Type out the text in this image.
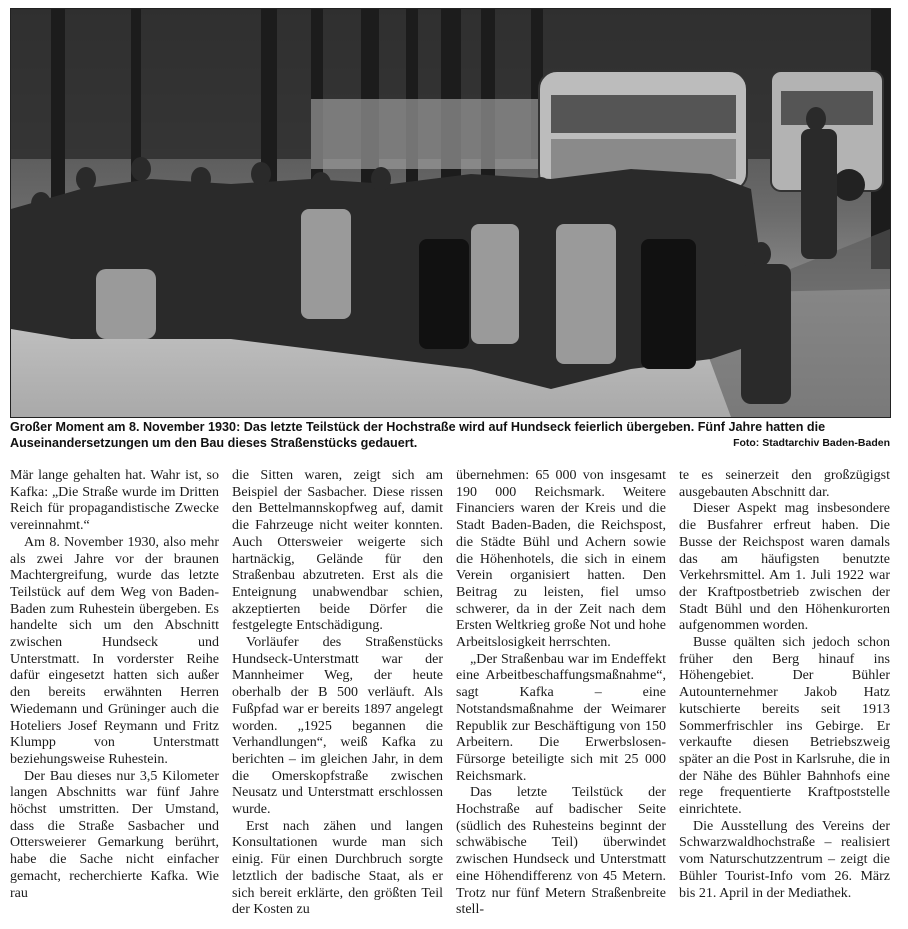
Großer Moment am 8. November 1930: Das letzte Teilstück der Hochstraße wird auf Hundseck feierlich übergeben. Fünf Jahre hatten die Auseinandersetzungen um den Bau dieses Straßenstücks gedauert.	Foto: Stadtarchiv Baden-Baden

Mär lange gehalten hat. Wahr ist, so Kafka: „Die Straße wurde im Dritten Reich für propagandistische Zwecke vereinnahmt.“

Am 8. November 1930, also mehr als zwei Jahre vor der braunen Machtergreifung, wurde das letzte Teilstück auf dem Weg von Baden-Baden zum Ruhestein übergeben. Es handelte sich um den Abschnitt zwischen Hundseck und Unterstmatt. In vorderster Reihe dafür eingesetzt hatten sich außer den bereits erwähnten Herren Wiedemann und Grüninger auch die Hoteliers Josef Reymann und Fritz Klumpp von Unterstmatt beziehungsweise Ruhestein.

Der Bau dieses nur 3,5 Kilometer langen Abschnitts war fünf Jahre höchst umstritten. Der Umstand, dass die Straße Sasbacher und Ottersweierer Gemarkung berührt, habe die Sache nicht einfacher gemacht, recherchierte Kafka. Wie rau

die Sitten waren, zeigt sich am Beispiel der Sasbacher. Diese rissen den Bettelmannskopfweg auf, damit die Fahrzeuge nicht weiter konnten. Auch Ottersweier weigerte sich hartnäckig, Gelände für den Straßenbau abzutreten. Erst als die Enteignung unabwendbar schien, akzeptierten beide Dörfer die festgelegte Entschädigung.

Vorläufer des Straßenstücks Hundseck-Unterstmatt war der Mannheimer Weg, der heute oberhalb der B 500 verläuft. Als Fußpfad war er bereits 1897 angelegt worden. „1925 begannen die Verhandlungen“, weiß Kafka zu berichten – im gleichen Jahr, in dem die Omerskopfstraße zwischen Neusatz und Unterstmatt erschlossen wurde.

Erst nach zähen und langen Konsultationen wurde man sich einig. Für einen Durchbruch sorgte letztlich der badische Staat, als er sich bereit erklärte, den größten Teil der Kosten zu

übernehmen: 65 000 von insgesamt 190 000 Reichsmark. Weitere Financiers waren der Kreis und die Stadt Baden-Baden, die Reichspost, die Städte Bühl und Achern sowie die Höhenhotels, die sich in einem Verein organisiert hatten. Den Beitrag zu leisten, fiel umso schwerer, da in der Zeit nach dem Ersten Weltkrieg große Not und hohe Arbeitslosigkeit herrschten.

„Der Straßenbau war im Endeffekt eine Arbeitbeschaffungsmaßnahme“, sagt Kafka – eine Notstandsmaßnahme der Weimarer Republik zur Beschäftigung von 150 Arbeitern. Die Erwerbslosen-Fürsorge beteiligte sich mit 25 000 Reichsmark.

Das letzte Teilstück der Hochstraße auf badischer Seite (südlich des Ruhesteins beginnt der schwäbische Teil) überwindet zwischen Hundseck und Unterstmatt eine Höhendifferenz von 45 Metern. Trotz nur fünf Metern Straßenbreite stell-

te es seinerzeit den großzügigst ausgebauten Abschnitt dar.

Dieser Aspekt mag insbesondere die Busfahrer erfreut haben. Die Busse der Reichspost waren damals das am häufigsten benutzte Verkehrsmittel. Am 1. Juli 1922 war der Kraftpostbetrieb zwischen der Stadt Bühl und den Höhenkurorten aufgenommen worden.

Busse quälten sich jedoch schon früher den Berg hinauf ins Höhengebiet. Der Bühler Autounternehmer Jakob Hatz kutschierte bereits seit 1913 Sommerfrischler ins Gebirge. Er verkaufte diesen Betriebszweig später an die Post in Karlsruhe, die in der Nähe des Bühler Bahnhofs eine rege frequentierte Kraftpoststelle einrichtete.

Die Ausstellung des Vereins der Schwarzwaldhochstraße – realisiert vom Naturschutzzentrum – zeigt die Bühler Tourist-Info vom 26. März bis 21. April in der Mediathek.
